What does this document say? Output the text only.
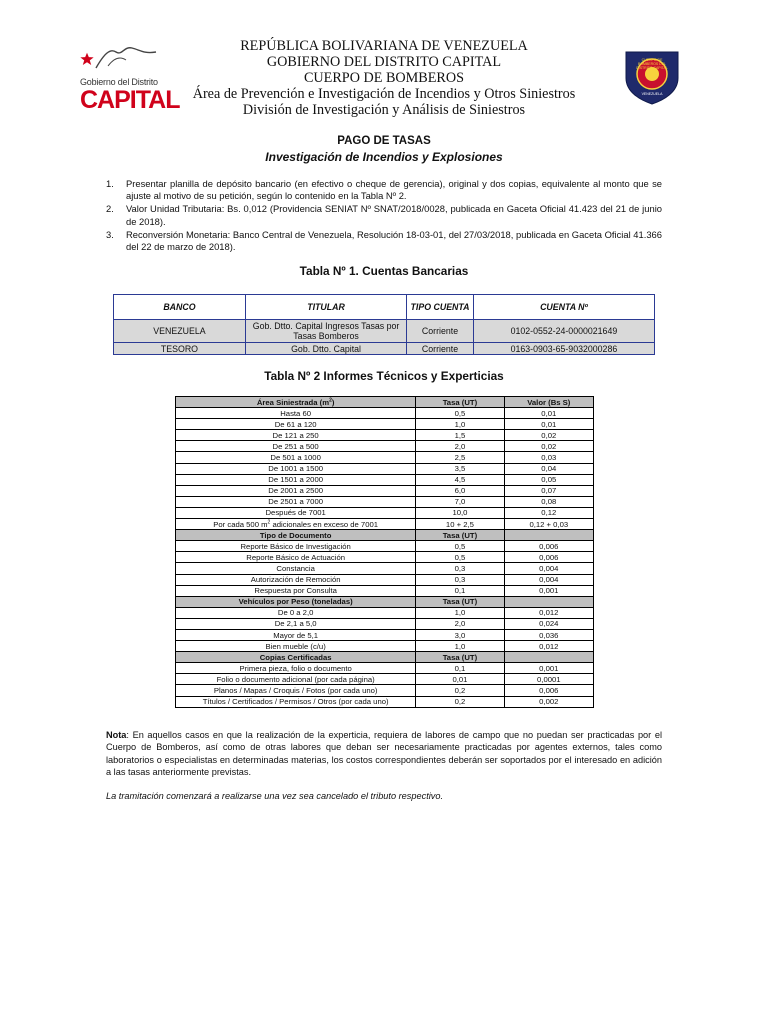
Gobierno del Distrito
CAPITAL
CUERPO DE BOMBEROS DEL DISTRITO CAPITAL
VENEZUELA
REPÚBLICA BOLIVARIANA DE VENEZUELA
GOBIERNO DEL DISTRITO CAPITAL
CUERPO DE BOMBEROS
Área de Prevención e Investigación de Incendios y Otros Siniestros
División de Investigación y Análisis de Siniestros
PAGO DE TASAS
Investigación de Incendios y Explosiones
1. Presentar planilla de depósito bancario (en efectivo o cheque de gerencia), original y dos copias, equivalente al monto que se ajuste al motivo de su petición, según lo contenido en la Tabla Nº 2.
2. Valor Unidad Tributaria: Bs. 0,012 (Providencia SENIAT Nº SNAT/2018/0028, publicada en Gaceta Oficial 41.423 del 21 de junio de 2018).
3. Reconversión Monetaria: Banco Central de Venezuela, Resolución 18-03-01, del 27/03/2018, publicada en Gaceta Oficial 41.366 del 22 de marzo de 2018).
Tabla Nº 1. Cuentas Bancarias
BANCO	TITULAR	TIPO CUENTA	CUENTA Nº
VENEZUELA	Gob. Dtto. Capital Ingresos Tasas por Tasas Bomberos	Corriente	0102-0552-24-0000021649
TESORO	Gob. Dtto. Capital	Corriente	0163-0903-65-9032000286
Tabla Nº 2 Informes Técnicos y Experticias
Área Siniestrada $(m^2)$	Tasa (UT)	Valor (Bs S)
Hasta 60	0,5	0,01
De 61 a 120	1,0	0,01
De 121 a 250	1,5	0,02
De 251 a 500	2,0	0,02
De 501 a 1000	2,5	0,03
De 1001 a 1500	3,5	0,04
De 1501 a 2000	4,5	0,05
De 2001 a 2500	6,0	0,07
De 2501 a 7000	7,0	0,08
Después de 7001	10,0	0,12
Por cada 500 $m^2$ adicionales en exceso de 7001	10 + 2,5	0,12 + 0,03
Tipo de Documento	Tasa (UT)	
Reporte Básico de Investigación	0,5	0,006
Reporte Básico de Actuación	0,5	0,006
Constancia	0,3	0,004
Autorización de Remoción	0,3	0,004
Respuesta por Consulta	0,1	0,001
Vehículos por Peso (toneladas)	Tasa (UT)	
De 0 a 2,0	1,0	0,012
De 2,1 a 5,0	2,0	0,024
Mayor de 5,1	3,0	0,036
Bien mueble (c/u)	1,0	0,012
Copias Certificadas	Tasa (UT)	
Primera pieza, folio o documento	0,1	0,001
Folio o documento adicional (por cada página)	0,01	0,0001
Planos / Mapas / Croquis / Fotos (por cada uno)	0,2	0,006
Títulos / Certificados / Permisos / Otros (por cada uno)	0,2	0,002
Nota: En aquellos casos en que la realización de la experticia, requiera de labores de campo que no puedan ser practicadas por el Cuerpo de Bomberos, así como de otras labores que deban ser necesariamente practicadas por agentes externos, tales como laboratorios o especialistas en determinadas materias, los costos correspondientes deberán ser soportados por el interesado en adición a las tasas anteriormente previstas.
La tramitación comenzará a realizarse una vez sea cancelado el tributo respectivo.
